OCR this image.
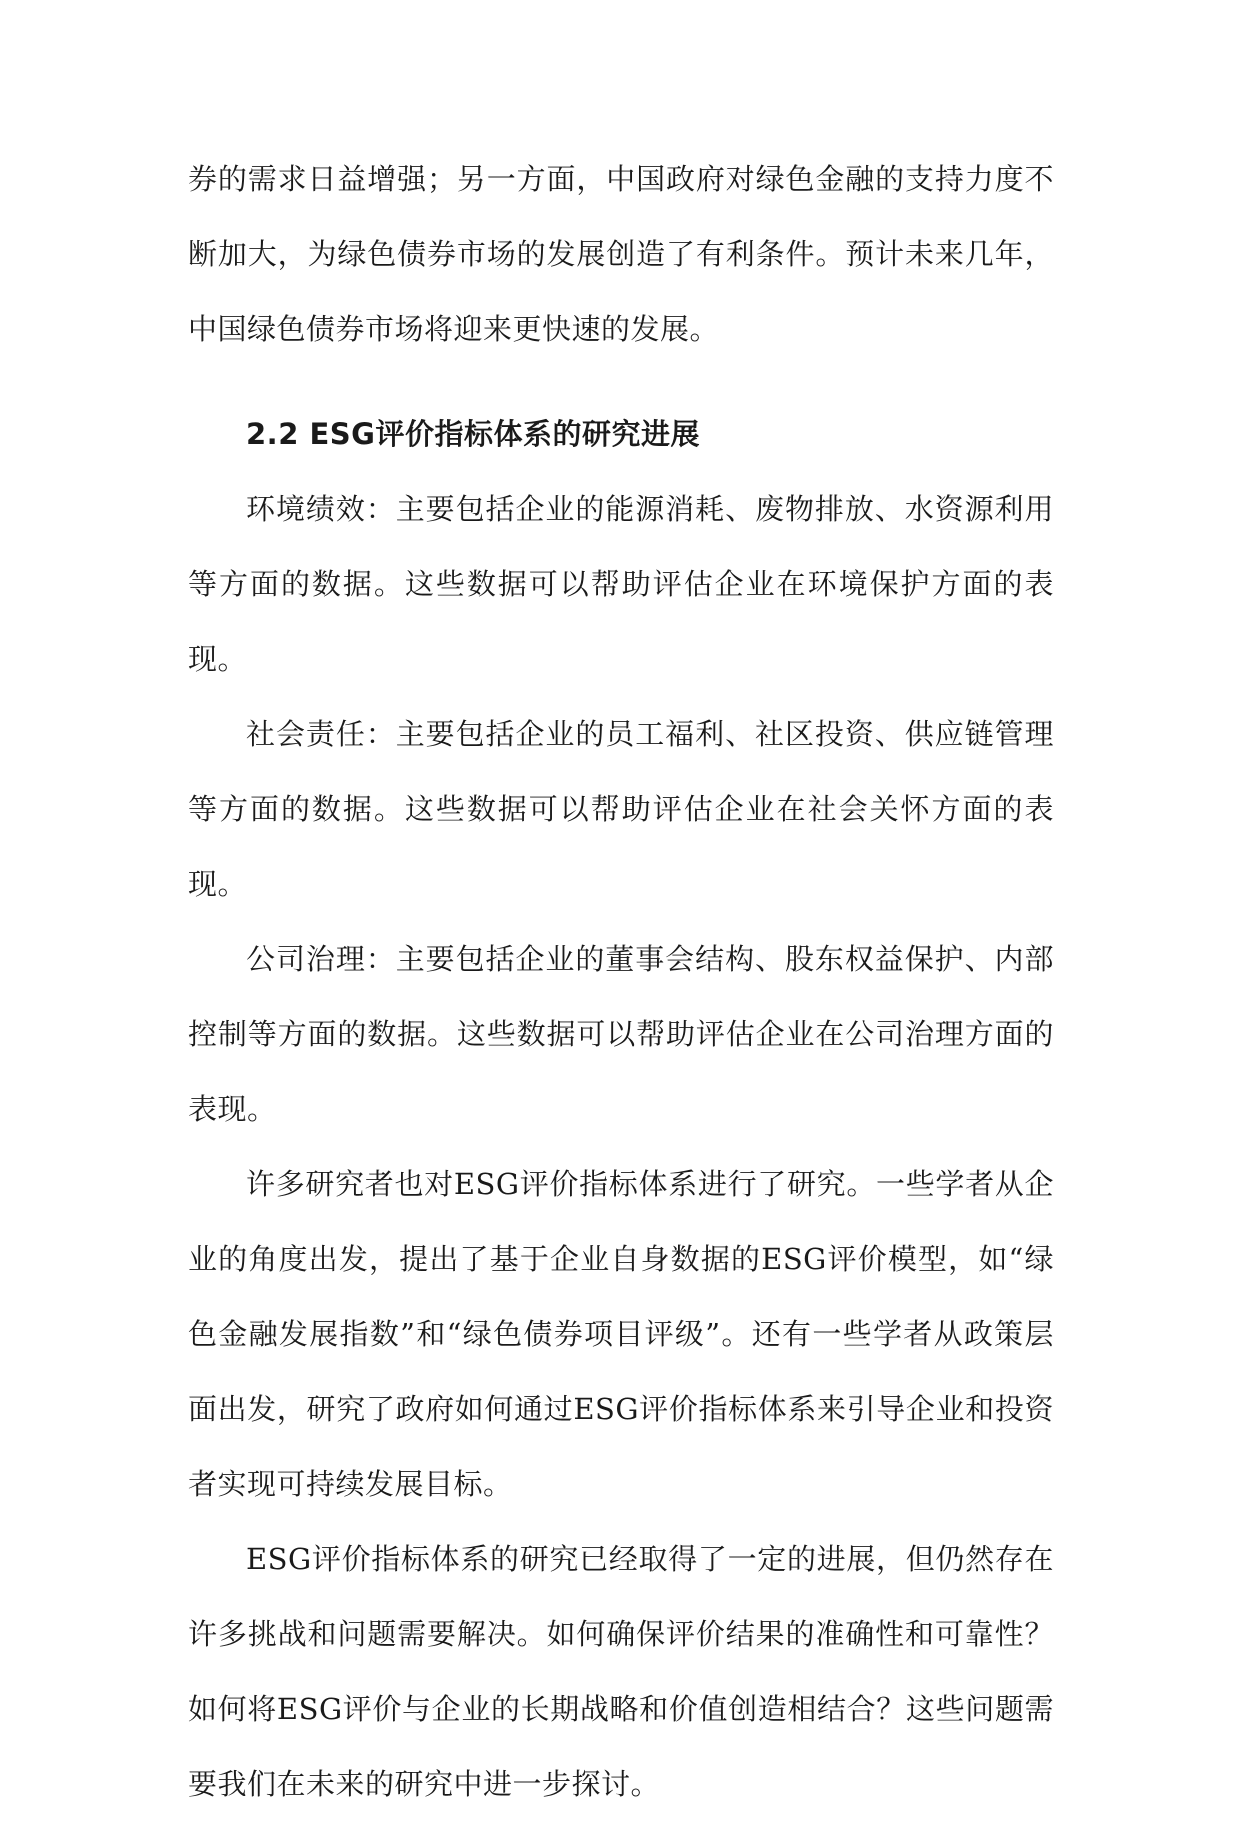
券的需求日益增强；另一方面，中国政府对绿色金融的支持力度不断加大，为绿色债券市场的发展创造了有利条件。预计未来几年，中国绿色债券市场将迎来更快速的发展。

2.2 ESG评价指标体系的研究进展

环境绩效：主要包括企业的能源消耗、废物排放、水资源利用等方面的数据。这些数据可以帮助评估企业在环境保护方面的表现。

社会责任：主要包括企业的员工福利、社区投资、供应链管理等方面的数据。这些数据可以帮助评估企业在社会关怀方面的表现。

公司治理：主要包括企业的董事会结构、股东权益保护、内部控制等方面的数据。这些数据可以帮助评估企业在公司治理方面的表现。

许多研究者也对ESG评价指标体系进行了研究。一些学者从企业的角度出发，提出了基于企业自身数据的ESG评价模型，如“绿色金融发展指数”和“绿色债券项目评级”。还有一些学者从政策层面出发，研究了政府如何通过ESG评价指标体系来引导企业和投资者实现可持续发展目标。

ESG评价指标体系的研究已经取得了一定的进展，但仍然存在许多挑战和问题需要解决。如何确保评价结果的准确性和可靠性？如何将ESG评价与企业的长期战略和价值创造相结合？这些问题需要我们在未来的研究中进一步探讨。
